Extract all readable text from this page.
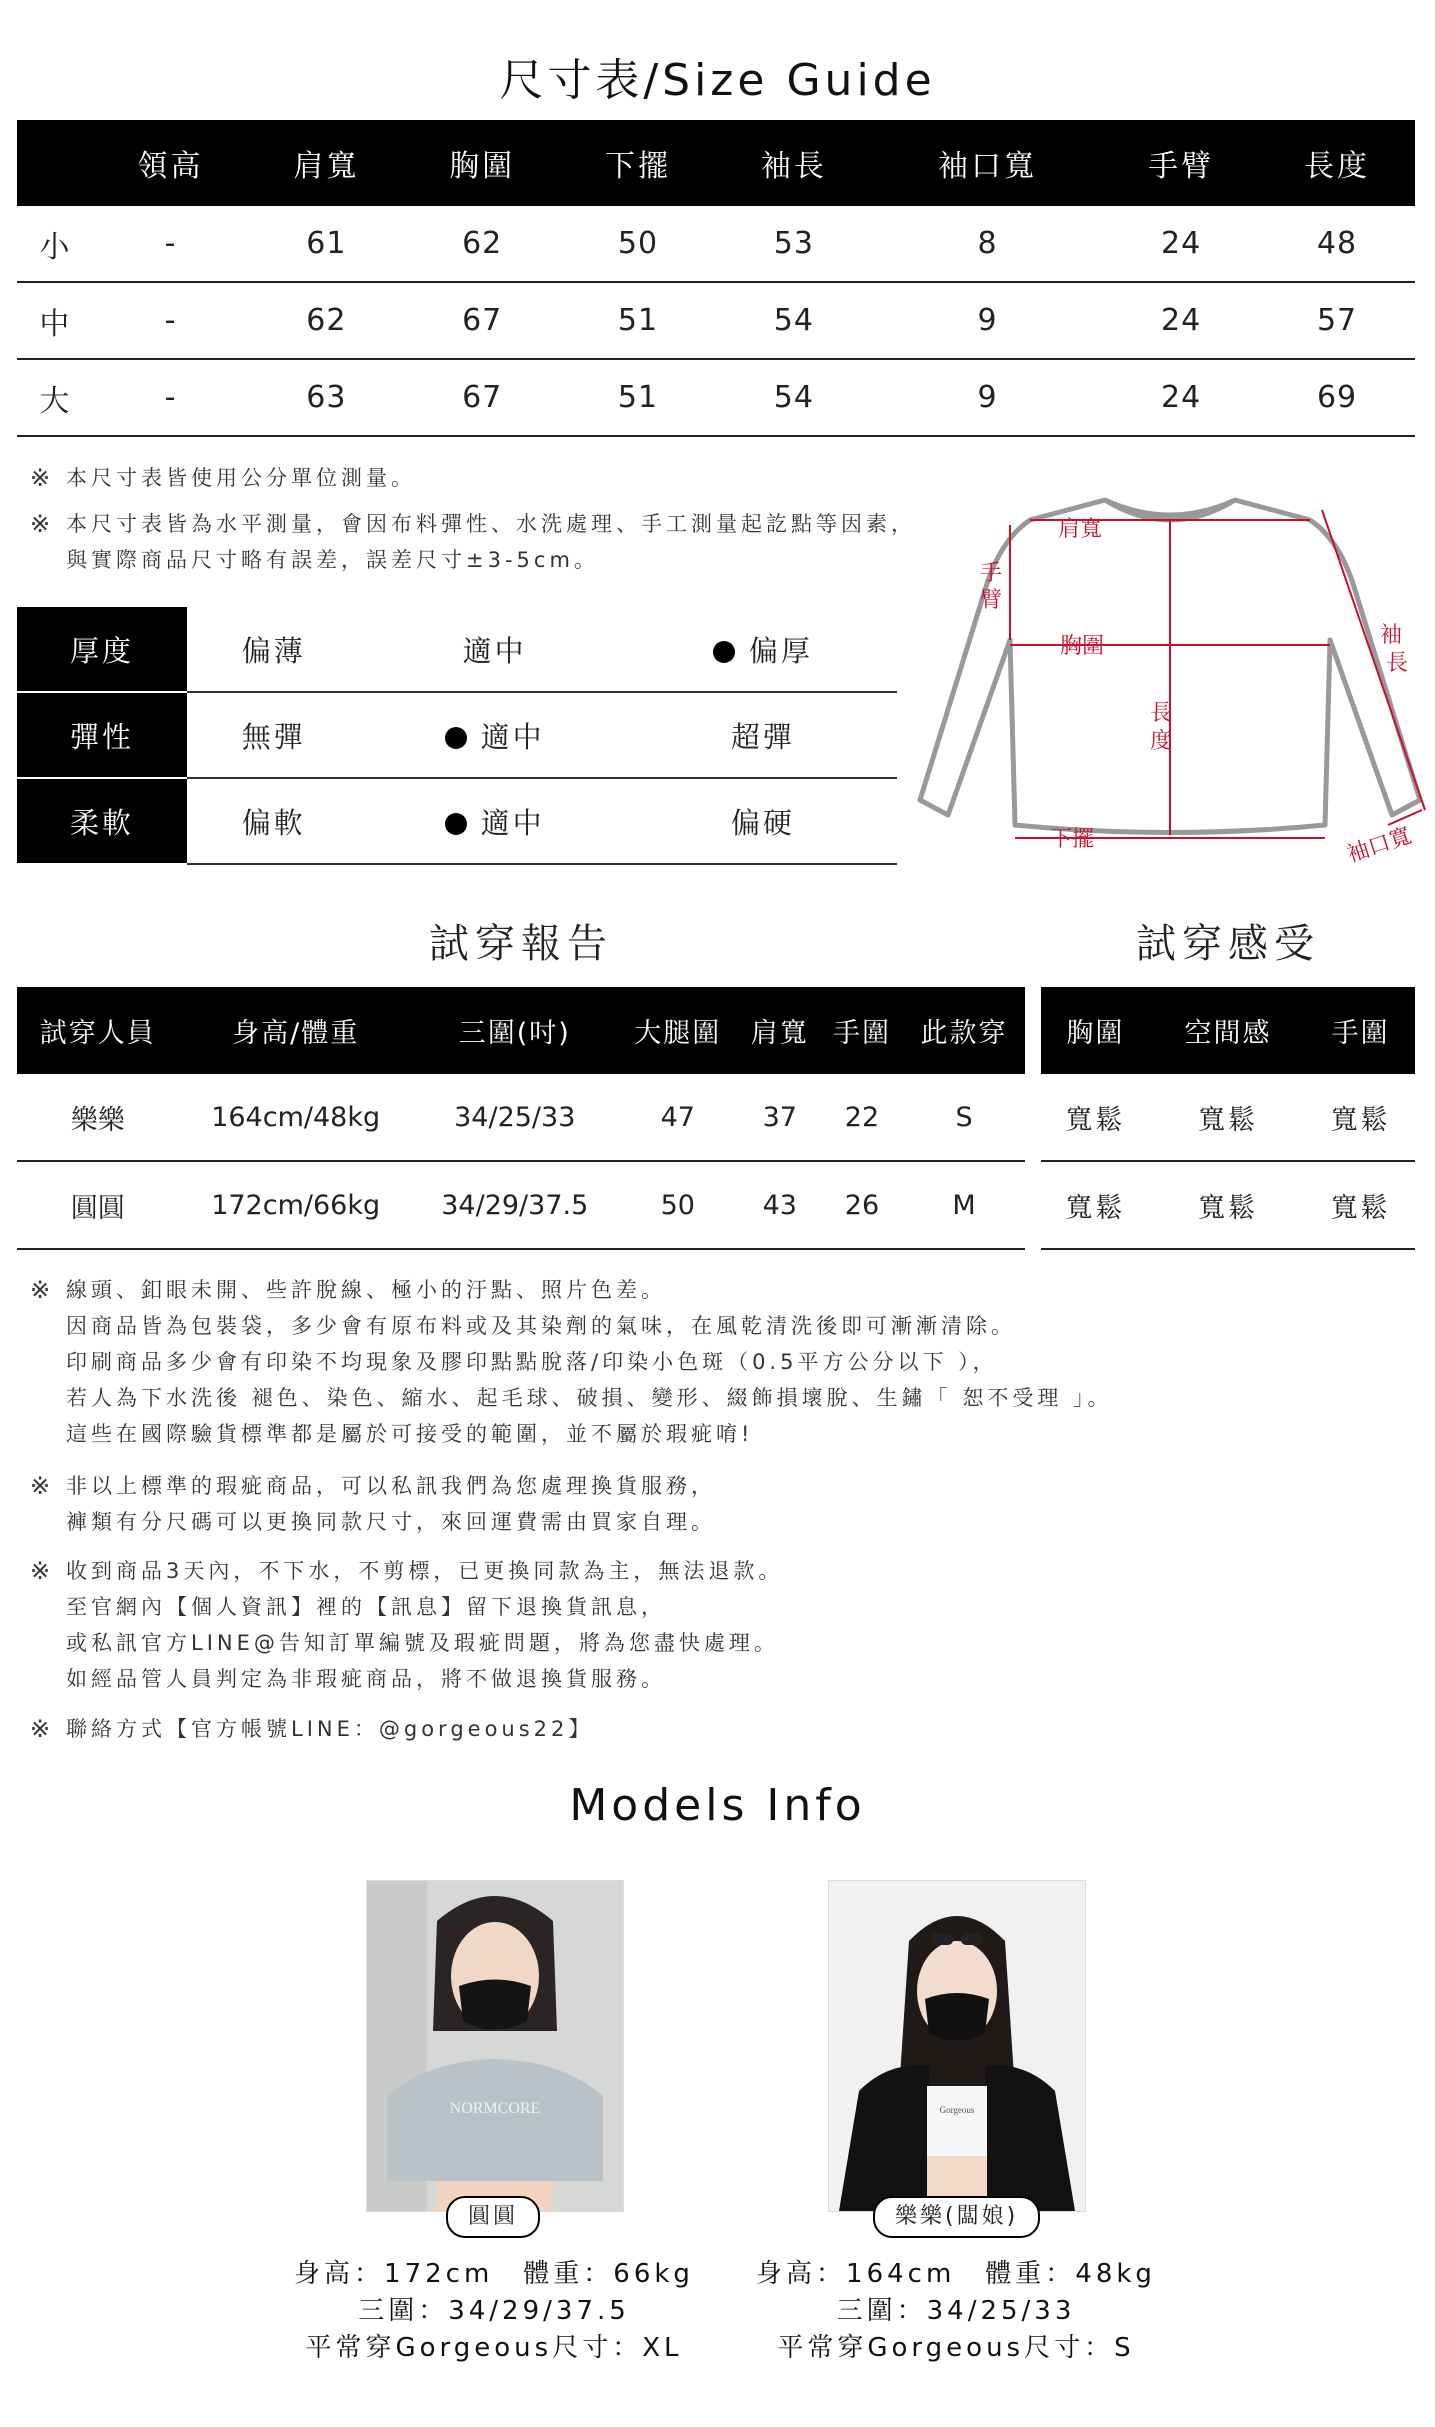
尺寸表/Size Guide
	領高	肩寬	胸圍	下擺	袖長	袖口寬	手臂	長度
小	-	61	62	50	53	8	24	48
中	-	62	67	51	54	9	24	57
大	-	63	67	51	54	9	24	69
※ 本尺寸表皆使用公分單位測量。
※ 本尺寸表皆為水平測量，會因布料彈性、水洗處理、手工測量起訖點等因素，
與實際商品尺寸略有誤差，誤差尺寸±3-5cm。
厚度	偏薄	適中	偏厚
彈性	無彈	適中	超彈
柔軟	偏軟	適中	偏硬
肩寬
手
臂
胸圍
長
度
下擺
袖
長
袖口寬
試穿報告	試穿感受
試穿人員	身高/體重	三圍(吋)	大腿圍	肩寬	手圍	此款穿
樂樂	164cm/48kg	34/25/33	47	37	22	S
圓圓	172cm/66kg	34/29/37.5	50	43	26	M
胸圍	空間感	手圍
寬鬆	寬鬆	寬鬆
寬鬆	寬鬆	寬鬆
※ 線頭、釦眼未開、些許脫線、極小的汙點、照片色差。
因商品皆為包裝袋，多少會有原布料或及其染劑的氣味，在風乾清洗後即可漸漸清除。
印刷商品多少會有印染不均現象及膠印點點脫落/印染小色斑（0.5平方公分以下 ），
若人為下水洗後 褪色、染色、縮水、起毛球、破損、變形、綴飾損壞脫、生鏽「 恕不受理 」。
這些在國際驗貨標準都是屬於可接受的範圍，並不屬於瑕疵唷!
※ 非以上標準的瑕疵商品，可以私訊我們為您處理換貨服務，
褲類有分尺碼可以更換同款尺寸，來回運費需由買家自理。
※ 收到商品3天內，不下水，不剪標，已更換同款為主，無法退款。
至官網內【個人資訊】裡的【訊息】留下退換貨訊息，
或私訊官方LINE@告知訂單編號及瑕疵問題，將為您盡快處理。
如經品管人員判定為非瑕疵商品，將不做退換貨服務。
※ 聯絡方式【官方帳號LINE：@gorgeous22】
Models Info
NORMCORE
圓圓
Gorgeous
樂樂(闆娘)
身高：172cm　體重：66kg
三圍：34/29/37.5
平常穿Gorgeous尺寸：XL
身高：164cm　體重：48kg
三圍：34/25/33
平常穿Gorgeous尺寸：S
